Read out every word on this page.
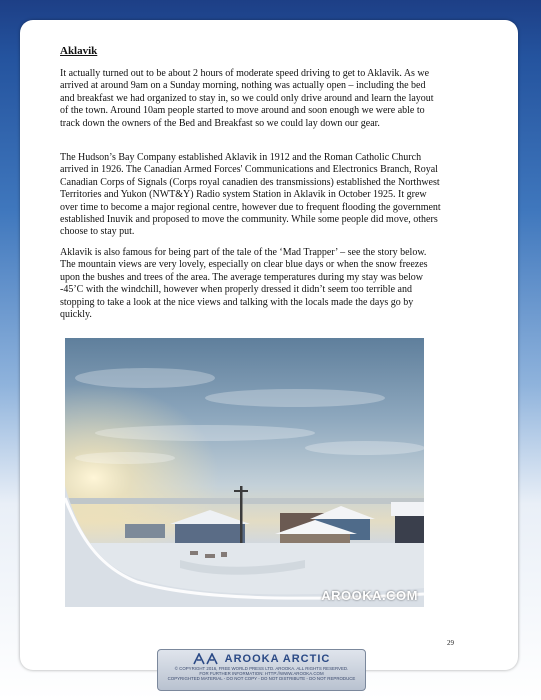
Aklavik

It actually turned out to be about 2 hours of moderate speed driving to get to Aklavik. As we arrived at around 9am on a Sunday morning, nothing was actually open – including the bed and breakfast we had organized to stay in, so we could only drive around and learn the layout of the town. Around 10am people started to move around and soon enough we were able to track down the owners of the Bed and Breakfast so we could lay down our gear.

The Hudson’s Bay Company established Aklavik in 1912 and the Roman Catholic Church arrived in 1926. The Canadian Armed Forces' Communications and Electronics Branch, Royal Canadian Corps of Signals (Corps royal canadien des transmissions) established the Northwest Territories and Yukon (NWT&Y) Radio system Station in Aklavik in October 1925. It grew over time to become a major regional centre, however due to frequent flooding the government established Inuvik and proposed to move the community. While some people did move, others choose to stay put.

Aklavik is also famous for being part of the tale of the ‘Mad Trapper’ – see the story below. The mountain views are very lovely, especially on clear blue days or when the snow freezes upon the bushes and trees of the area. The average temperatures during my stay was below -45’C with the windchill, however when properly dressed it didn’t seem too terrible and stopping to take a look at the nice views and talking with the locals made the days go by quickly.

AROOKA.COM
29
AROOKA ARCTIC
© COPYRIGHT 2016, FREE WORLD PRESS LTD. AROOKA. ALL RIGHTS RESERVED.
FOR FURTHER INFORMATION: HTTP://WWW.AROOKA.COM
COPYRIGHTED MATERIAL - DO NOT COPY - DO NOT DISTRIBUTE - DO NOT REPRODUCE
